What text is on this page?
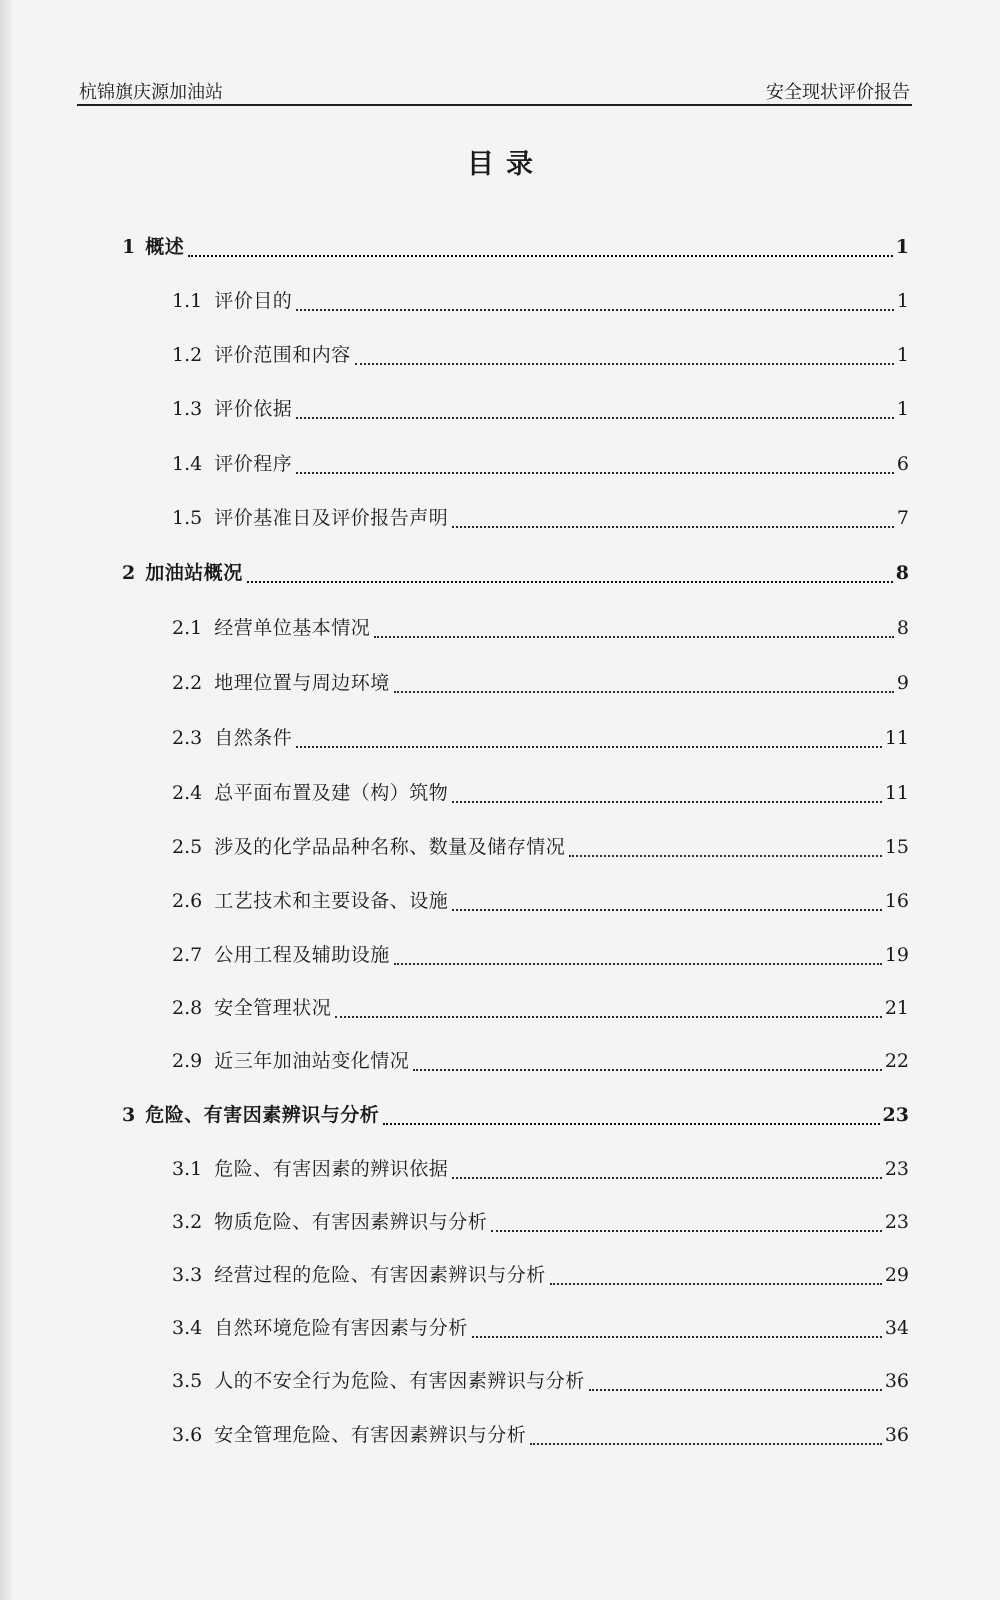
杭锦旗庆源加油站	安全现状评价报告
目录
1 概述	1
1.1 评价目的	1
1.2 评价范围和内容	1
1.3 评价依据	1
1.4 评价程序	6
1.5 评价基准日及评价报告声明	7
2 加油站概况	8
2.1 经营单位基本情况	8
2.2 地理位置与周边环境	9
2.3 自然条件	11
2.4 总平面布置及建（构）筑物	11
2.5 涉及的化学品品种名称、数量及储存情况	15
2.6 工艺技术和主要设备、设施	16
2.7 公用工程及辅助设施	19
2.8 安全管理状况	21
2.9 近三年加油站变化情况	22
3 危险、有害因素辨识与分析	23
3.1 危险、有害因素的辨识依据	23
3.2 物质危险、有害因素辨识与分析	23
3.3 经营过程的危险、有害因素辨识与分析	29
3.4 自然环境危险有害因素与分析	34
3.5 人的不安全行为危险、有害因素辨识与分析	36
3.6 安全管理危险、有害因素辨识与分析	36
